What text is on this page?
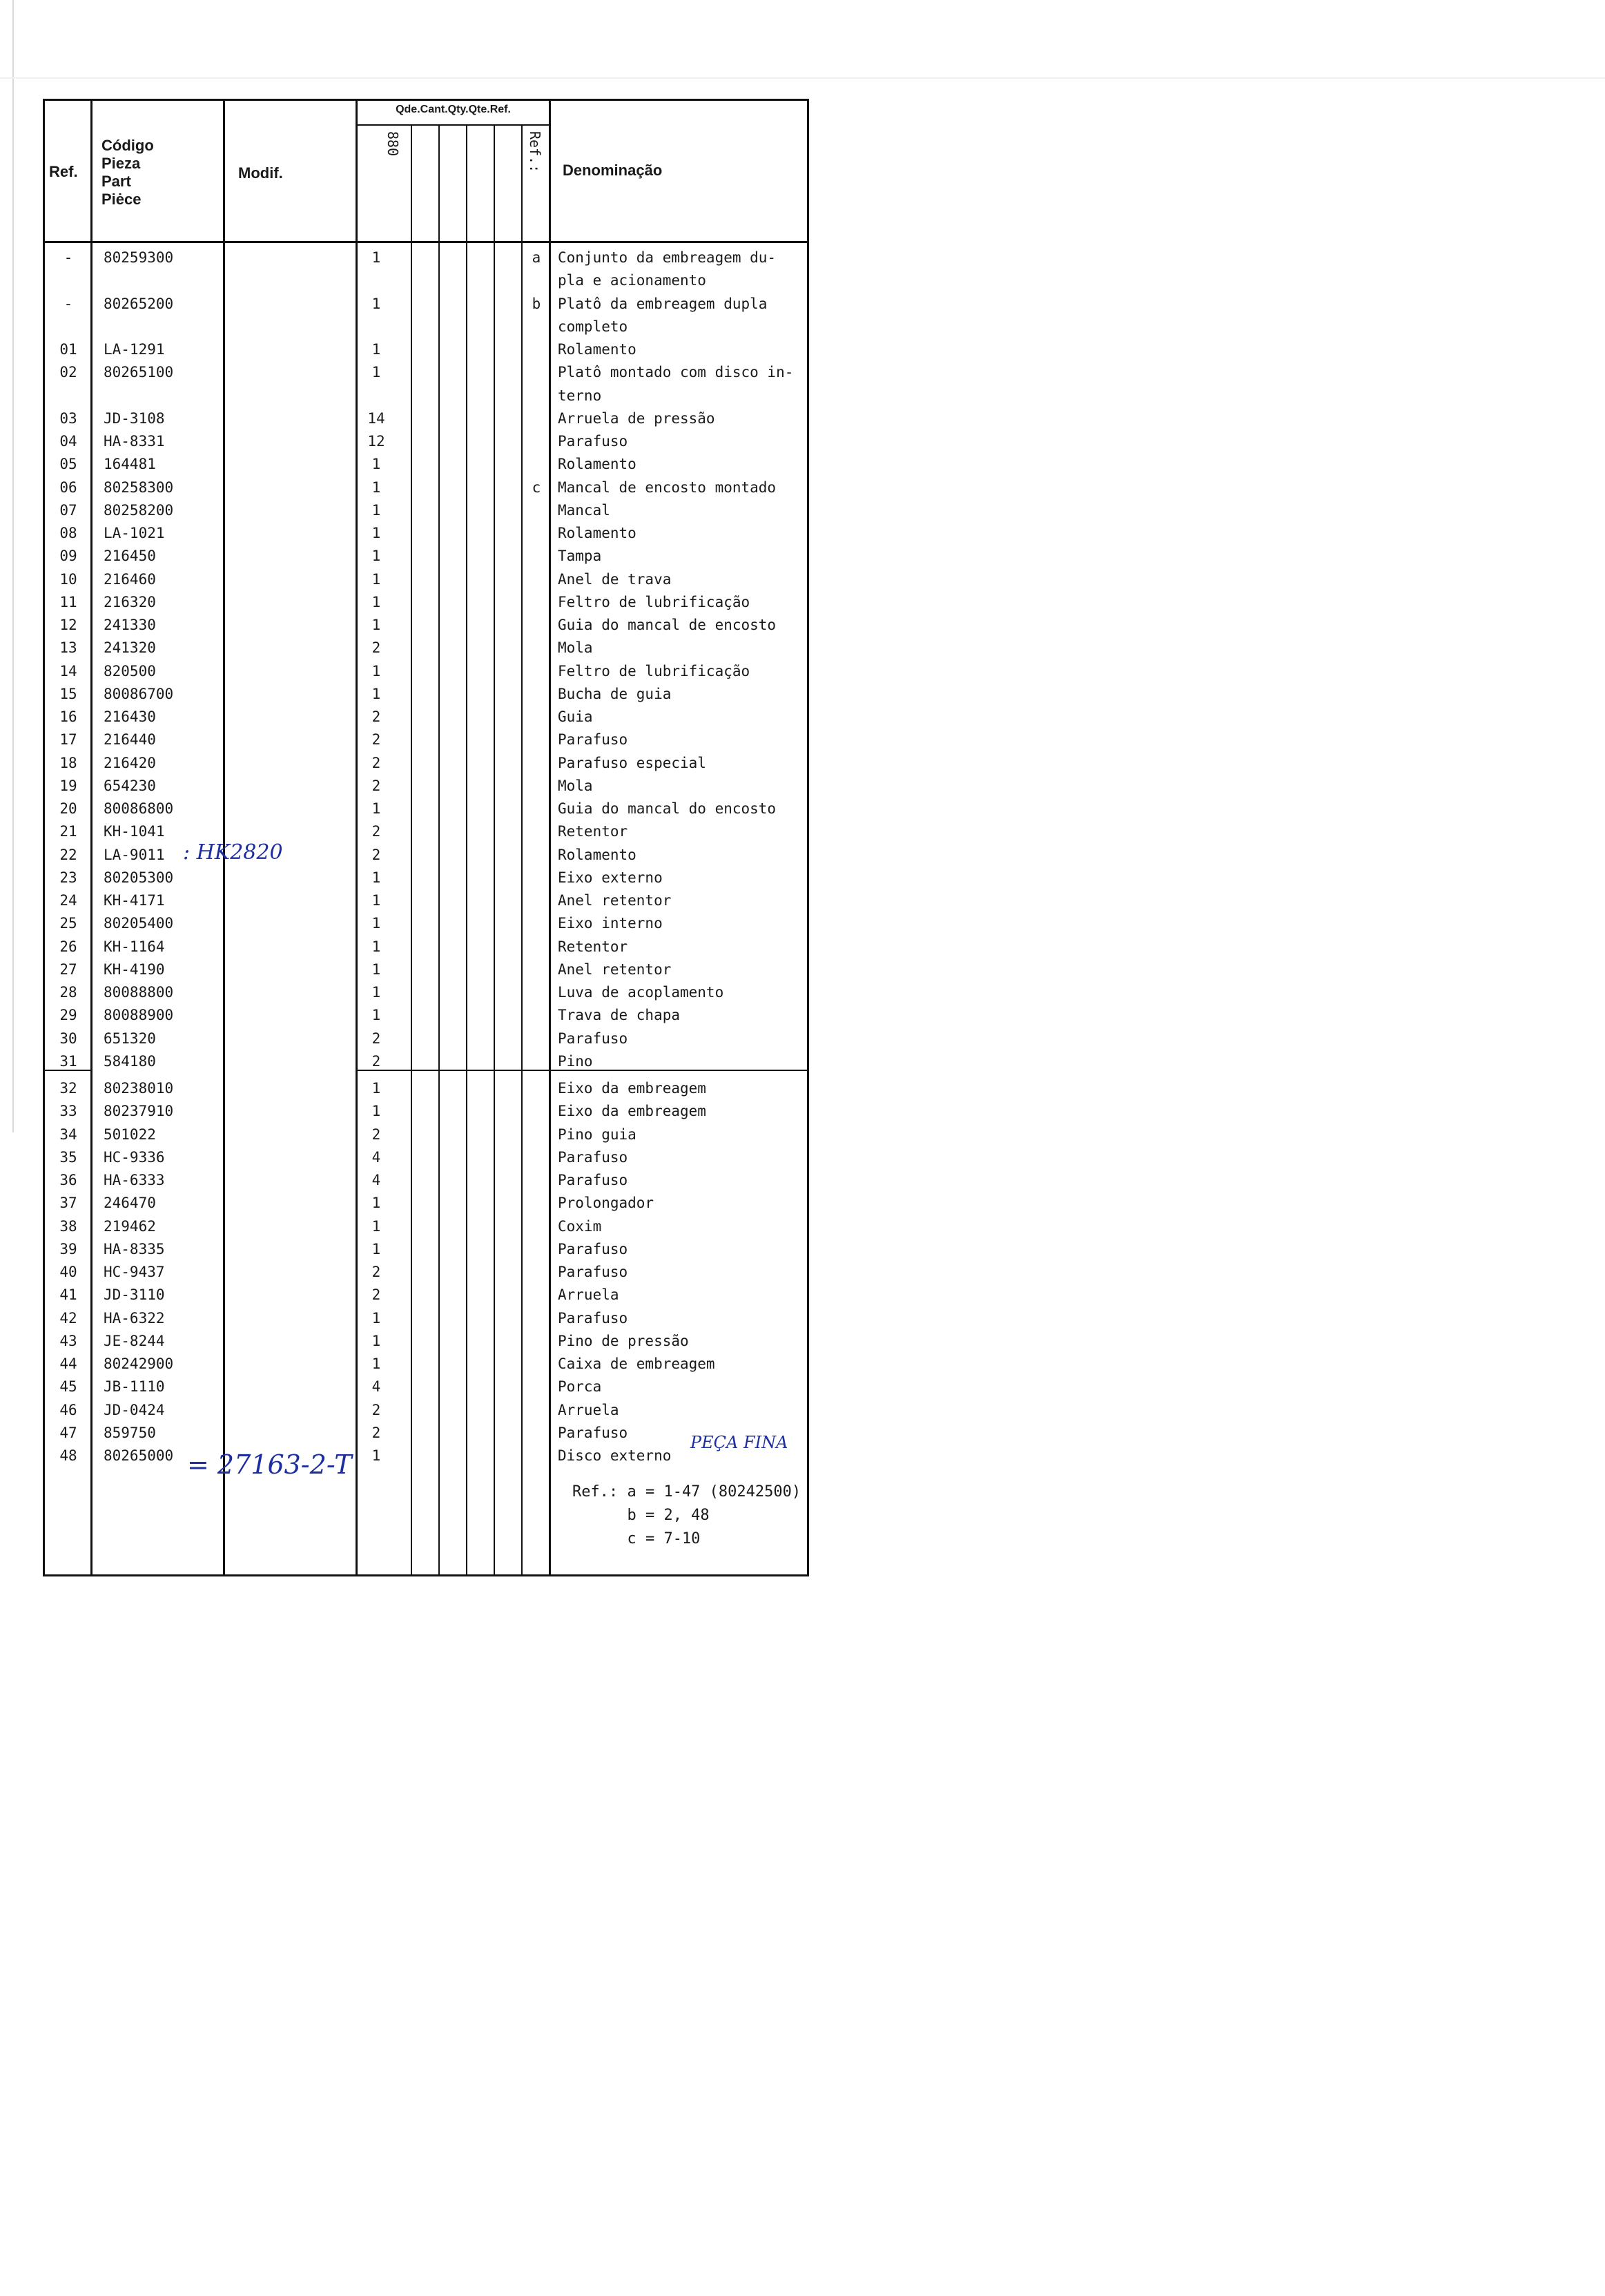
Ref.
Código
Pieza
Part
Piėce
Modif.
Qde.Cant.Qty.Qte.Ref.
880	Ref.: Denominação
-	80259300	1	a	Conjunto da embreagem du-
pla e acionamento
-	80265200	1	b	Platô da embreagem dupla
completo
01	LA-1291	1	Rolamento
02	80265100	1	Platô montado com disco in-
terno
03	JD-3108	14	Arruela de pressão
04	HA-8331	12	Parafuso
05	164481	1	Rolamento
06	80258300	1	c	Mancal de encosto montado
07	80258200	1	Mancal
08	LA-1021	1	Rolamento
09	216450	1	Tampa
10	216460	1	Anel de trava
11	216320	1	Feltro de lubrificação
12	241330	1	Guia do mancal de encosto
13	241320	2	Mola
14	820500	1	Feltro de lubrificação
15	80086700	1	Bucha de guia
16	216430	2	Guia
17	216440	2	Parafuso
18	216420	2	Parafuso especial
19	654230	2	Mola
20	80086800	1	Guia do mancal do encosto
21	KH-1041	2	Retentor
22	LA-9011	2	Rolamento
23	80205300	1	Eixo externo
24	KH-4171	1	Anel retentor
25	80205400	1	Eixo interno
26	KH-1164	1	Retentor
27	KH-4190	1	Anel retentor
28	80088800	1	Luva de acoplamento
29	80088900	1	Trava de chapa
30	651320	2	Parafuso
31	584180	2	Pino
32	80238010	1	Eixo da embreagem
33	80237910	1	Eixo da embreagem
34	501022	2	Pino guia
35	HC-9336	4	Parafuso
36	HA-6333	4	Parafuso
37	246470	1	Prolongador
38	219462	1	Coxim
39	HA-8335	1	Parafuso
40	HC-9437	2	Parafuso
41	JD-3110	2	Arruela
42	HA-6322	1	Parafuso
43	JE-8244	1	Pino de pressão
44	80242900	1	Caixa de embreagem
45	JB-1110	4	Porca
46	JD-0424	2	Arruela
47	859750	2	Parafuso
48	80265000	1	Disco externo
Ref.: a = 1-47 (80242500)
b = 2, 48
c = 7-10
: HK2820
= 27163-2-T
PEÇA FINA
